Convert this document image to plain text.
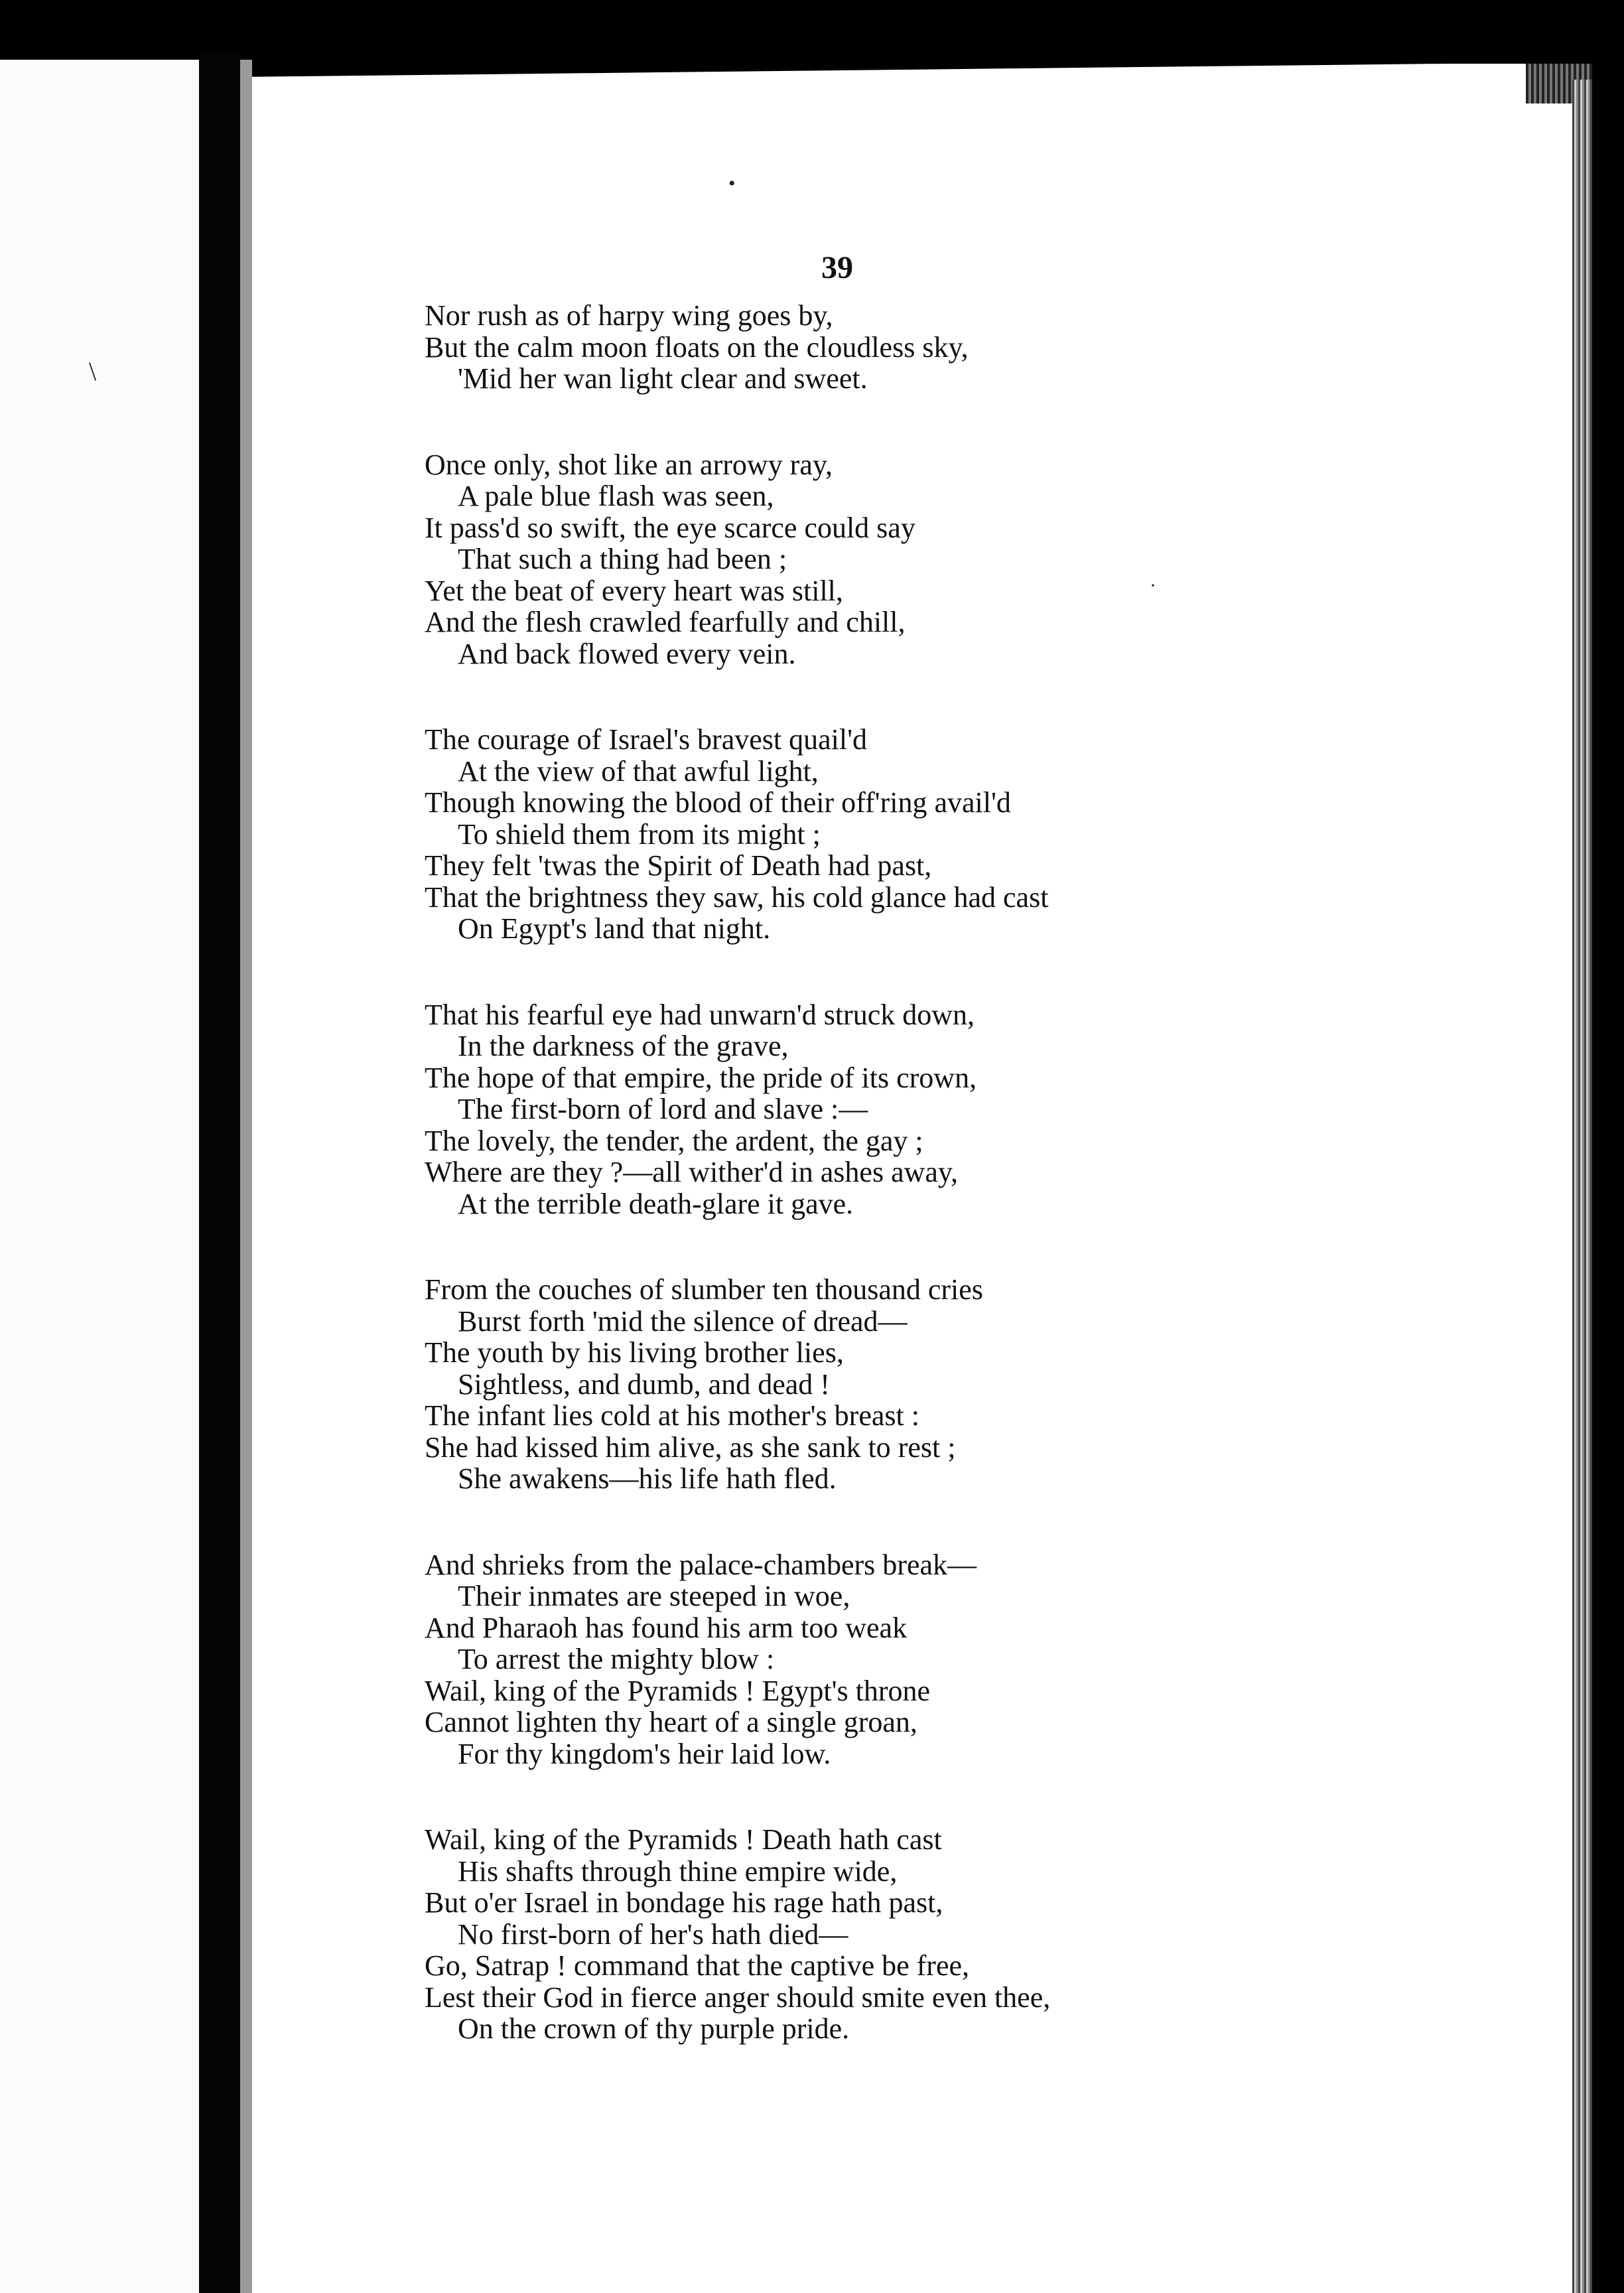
•
\
·
39
Nor rush as of harpy wing goes by,
But the calm moon floats on the cloudless sky,
'Mid her wan light clear and sweet.
Once only, shot like an arrowy ray,
A pale blue flash was seen,
It pass'd so swift, the eye scarce could say
That such a thing had been ;
Yet the beat of every heart was still,
And the flesh crawled fearfully and chill,
And back flowed every vein.
The courage of Israel's bravest quail'd
At the view of that awful light,
Though knowing the blood of their off'ring avail'd
To shield them from its might ;
They felt 'twas the Spirit of Death had past,
That the brightness they saw, his cold glance had cast
On Egypt's land that night.
That his fearful eye had unwarn'd struck down,
In the darkness of the grave,
The hope of that empire, the pride of its crown,
The first-born of lord and slave :—
The lovely, the tender, the ardent, the gay ;
Where are they ?—all wither'd in ashes away,
At the terrible death-glare it gave.
From the couches of slumber ten thousand cries
Burst forth 'mid the silence of dread—
The youth by his living brother lies,
Sightless, and dumb, and dead !
The infant lies cold at his mother's breast :
She had kissed him alive, as she sank to rest ;
She awakens—his life hath fled.
And shrieks from the palace-chambers break—
Their inmates are steeped in woe,
And Pharaoh has found his arm too weak
To arrest the mighty blow :
Wail, king of the Pyramids ! Egypt's throne
Cannot lighten thy heart of a single groan,
For thy kingdom's heir laid low.
Wail, king of the Pyramids ! Death hath cast
His shafts through thine empire wide,
But o'er Israel in bondage his rage hath past,
No first-born of her's hath died—
Go, Satrap ! command that the captive be free,
Lest their God in fierce anger should smite even thee,
On the crown of thy purple pride.
